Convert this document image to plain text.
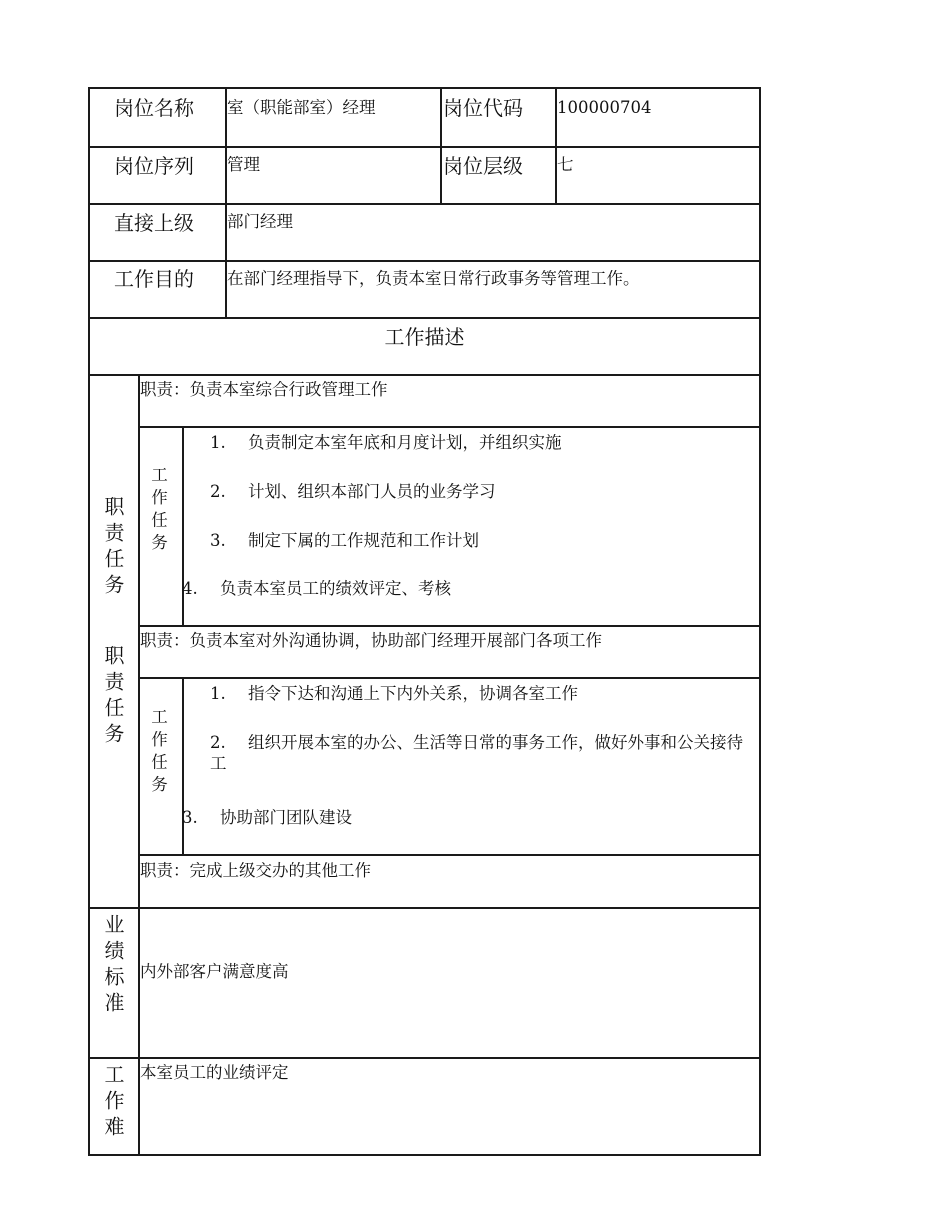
岗位名称 室（职能部室）经理	岗位代码 100000704
岗位序列 管理	岗位层级 七
直接上级 部门经理
工作目的 在部门经理指导下，负责本室日常行政事务等管理工作。
工作描述
职责任务
职责任务
职责：负责本室综合行政管理工作
工作任务
1. 负责制定本室年底和月度计划，并组织实施
2. 计划、组织本部门人员的业务学习
3. 制定下属的工作规范和工作计划
4. 负责本室员工的绩效评定、考核
职责：负责本室对外沟通协调，协助部门经理开展部门各项工作
工作任务
1. 指令下达和沟通上下内外关系，协调各室工作
2. 组织开展本室的办公、生活等日常的事务工作，做好外事和公关接待工
3. 协助部门团队建设
职责：完成上级交办的其他工作
业绩标准 内外部客户满意度高
工作难 本室员工的业绩评定
